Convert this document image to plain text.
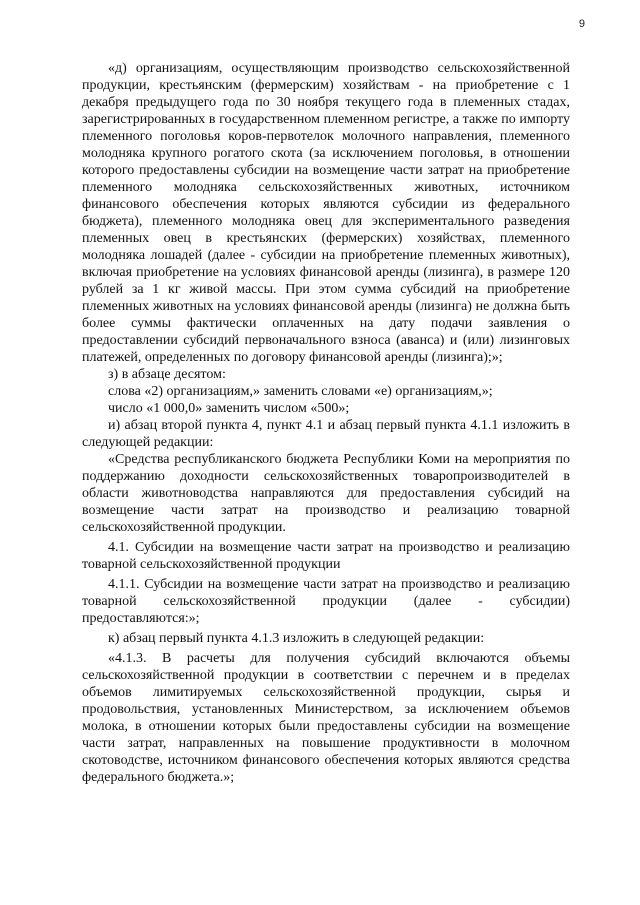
9

«д) организациям, осуществляющим производство сельскохозяйственной продукции, крестьянским (фермерским) хозяйствам - на приобретение с 1 декабря предыдущего года по 30 ноября текущего года в племенных стадах, зарегистрированных в государственном племенном регистре, а также по импорту племенного поголовья коров-первотелок молочного направления, племенного молодняка крупного рогатого скота (за исключением поголовья, в отношении которого предоставлены субсидии на возмещение части затрат на приобретение племенного молодняка сельскохозяйственных животных, источником финансового обеспечения которых являются субсидии из федерального бюджета), племенного молодняка овец для экспериментального разведения племенных овец в крестьянских (фермерских) хозяйствах, племенного молодняка лошадей (далее - субсидии на приобретение племенных животных), включая приобретение на условиях финансовой аренды (лизинга), в размере 120 рублей за 1 кг живой массы. При этом сумма субсидий на приобретение племенных животных на условиях финансовой аренды (лизинга) не должна быть более суммы фактически оплаченных на дату подачи заявления о предоставлении субсидий первоначального взноса (аванса) и (или) лизинговых платежей, определенных по договору финансовой аренды (лизинга);»;

з) в абзаце десятом:

слова «2) организациям,» заменить словами «е) организациям,»;

число «1 000,0» заменить числом «500»;

и) абзац второй пункта 4, пункт 4.1 и абзац первый пункта 4.1.1 изложить в следующей редакции:

«Средства республиканского бюджета Республики Коми на мероприятия по поддержанию доходности сельскохозяйственных товаропроизводителей в области животноводства направляются для предоставления субсидий на возмещение части затрат на производство и реализацию товарной сельскохозяйственной продукции.

4.1. Субсидии на возмещение части затрат на производство и реализацию товарной сельскохозяйственной продукции

4.1.1. Субсидии на возмещение части затрат на производство и реализацию товарной сельскохозяйственной продукции (далее - субсидии) предоставляются:»;

к) абзац первый пункта 4.1.3 изложить в следующей редакции:

«4.1.3. В расчеты для получения субсидий включаются объемы сельскохозяйственной продукции в соответствии с перечнем и в пределах объемов лимитируемых сельскохозяйственной продукции, сырья и продовольствия, установленных Министерством, за исключением объемов молока, в отношении которых были предоставлены субсидии на возмещение части затрат, направленных на повышение продуктивности в молочном скотоводстве, источником финансового обеспечения которых являются средства федерального бюджета.»;
